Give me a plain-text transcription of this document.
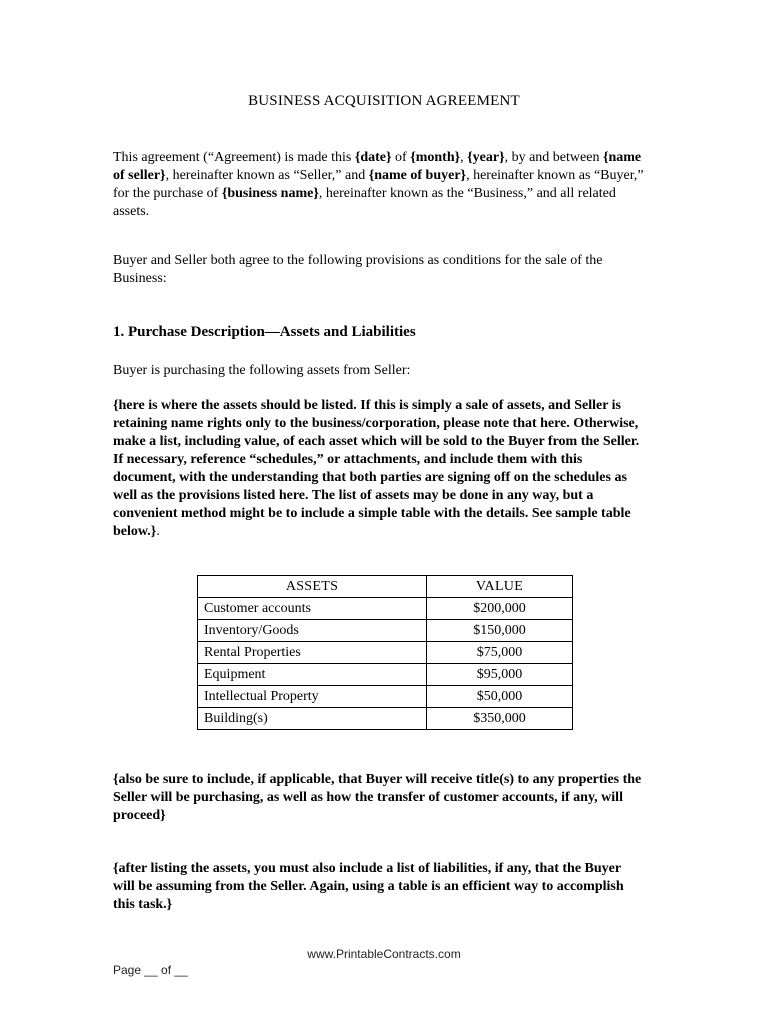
BUSINESS ACQUISITION AGREEMENT
This agreement (“Agreement) is made this {date} of {month}, {year}, by and between {name of seller}, hereinafter known as “Seller,” and {name of buyer}, hereinafter known as “Buyer,” for the purchase of {business name}, hereinafter known as the “Business,” and all related assets.
Buyer and Seller both agree to the following provisions as conditions for the sale of the Business:
1. Purchase Description—Assets and Liabilities
Buyer is purchasing the following assets from Seller:
{here is where the assets should be listed. If this is simply a sale of assets, and Seller is retaining name rights only to the business/corporation, please note that here. Otherwise, make a list, including value, of each asset which will be sold to the Buyer from the Seller. If necessary, reference “schedules,” or attachments, and include them with this document, with the understanding that both parties are signing off on the schedules as well as the provisions listed here. The list of assets may be done in any way, but a convenient method might be to include a simple table with the details. See sample table below.}.
ASSETS	VALUE
Customer accounts	$200,000
Inventory/Goods	$150,000
Rental Properties	$75,000
Equipment	$95,000
Intellectual Property	$50,000
Building(s)	$350,000
{also be sure to include, if applicable, that Buyer will receive title(s) to any properties the Seller will be purchasing, as well as how the transfer of customer accounts, if any, will proceed}
{after listing the assets, you must also include a list of liabilities, if any, that the Buyer will be assuming from the Seller. Again, using a table is an efficient way to accomplish this task.}
www.PrintableContracts.com
Page __ of __
